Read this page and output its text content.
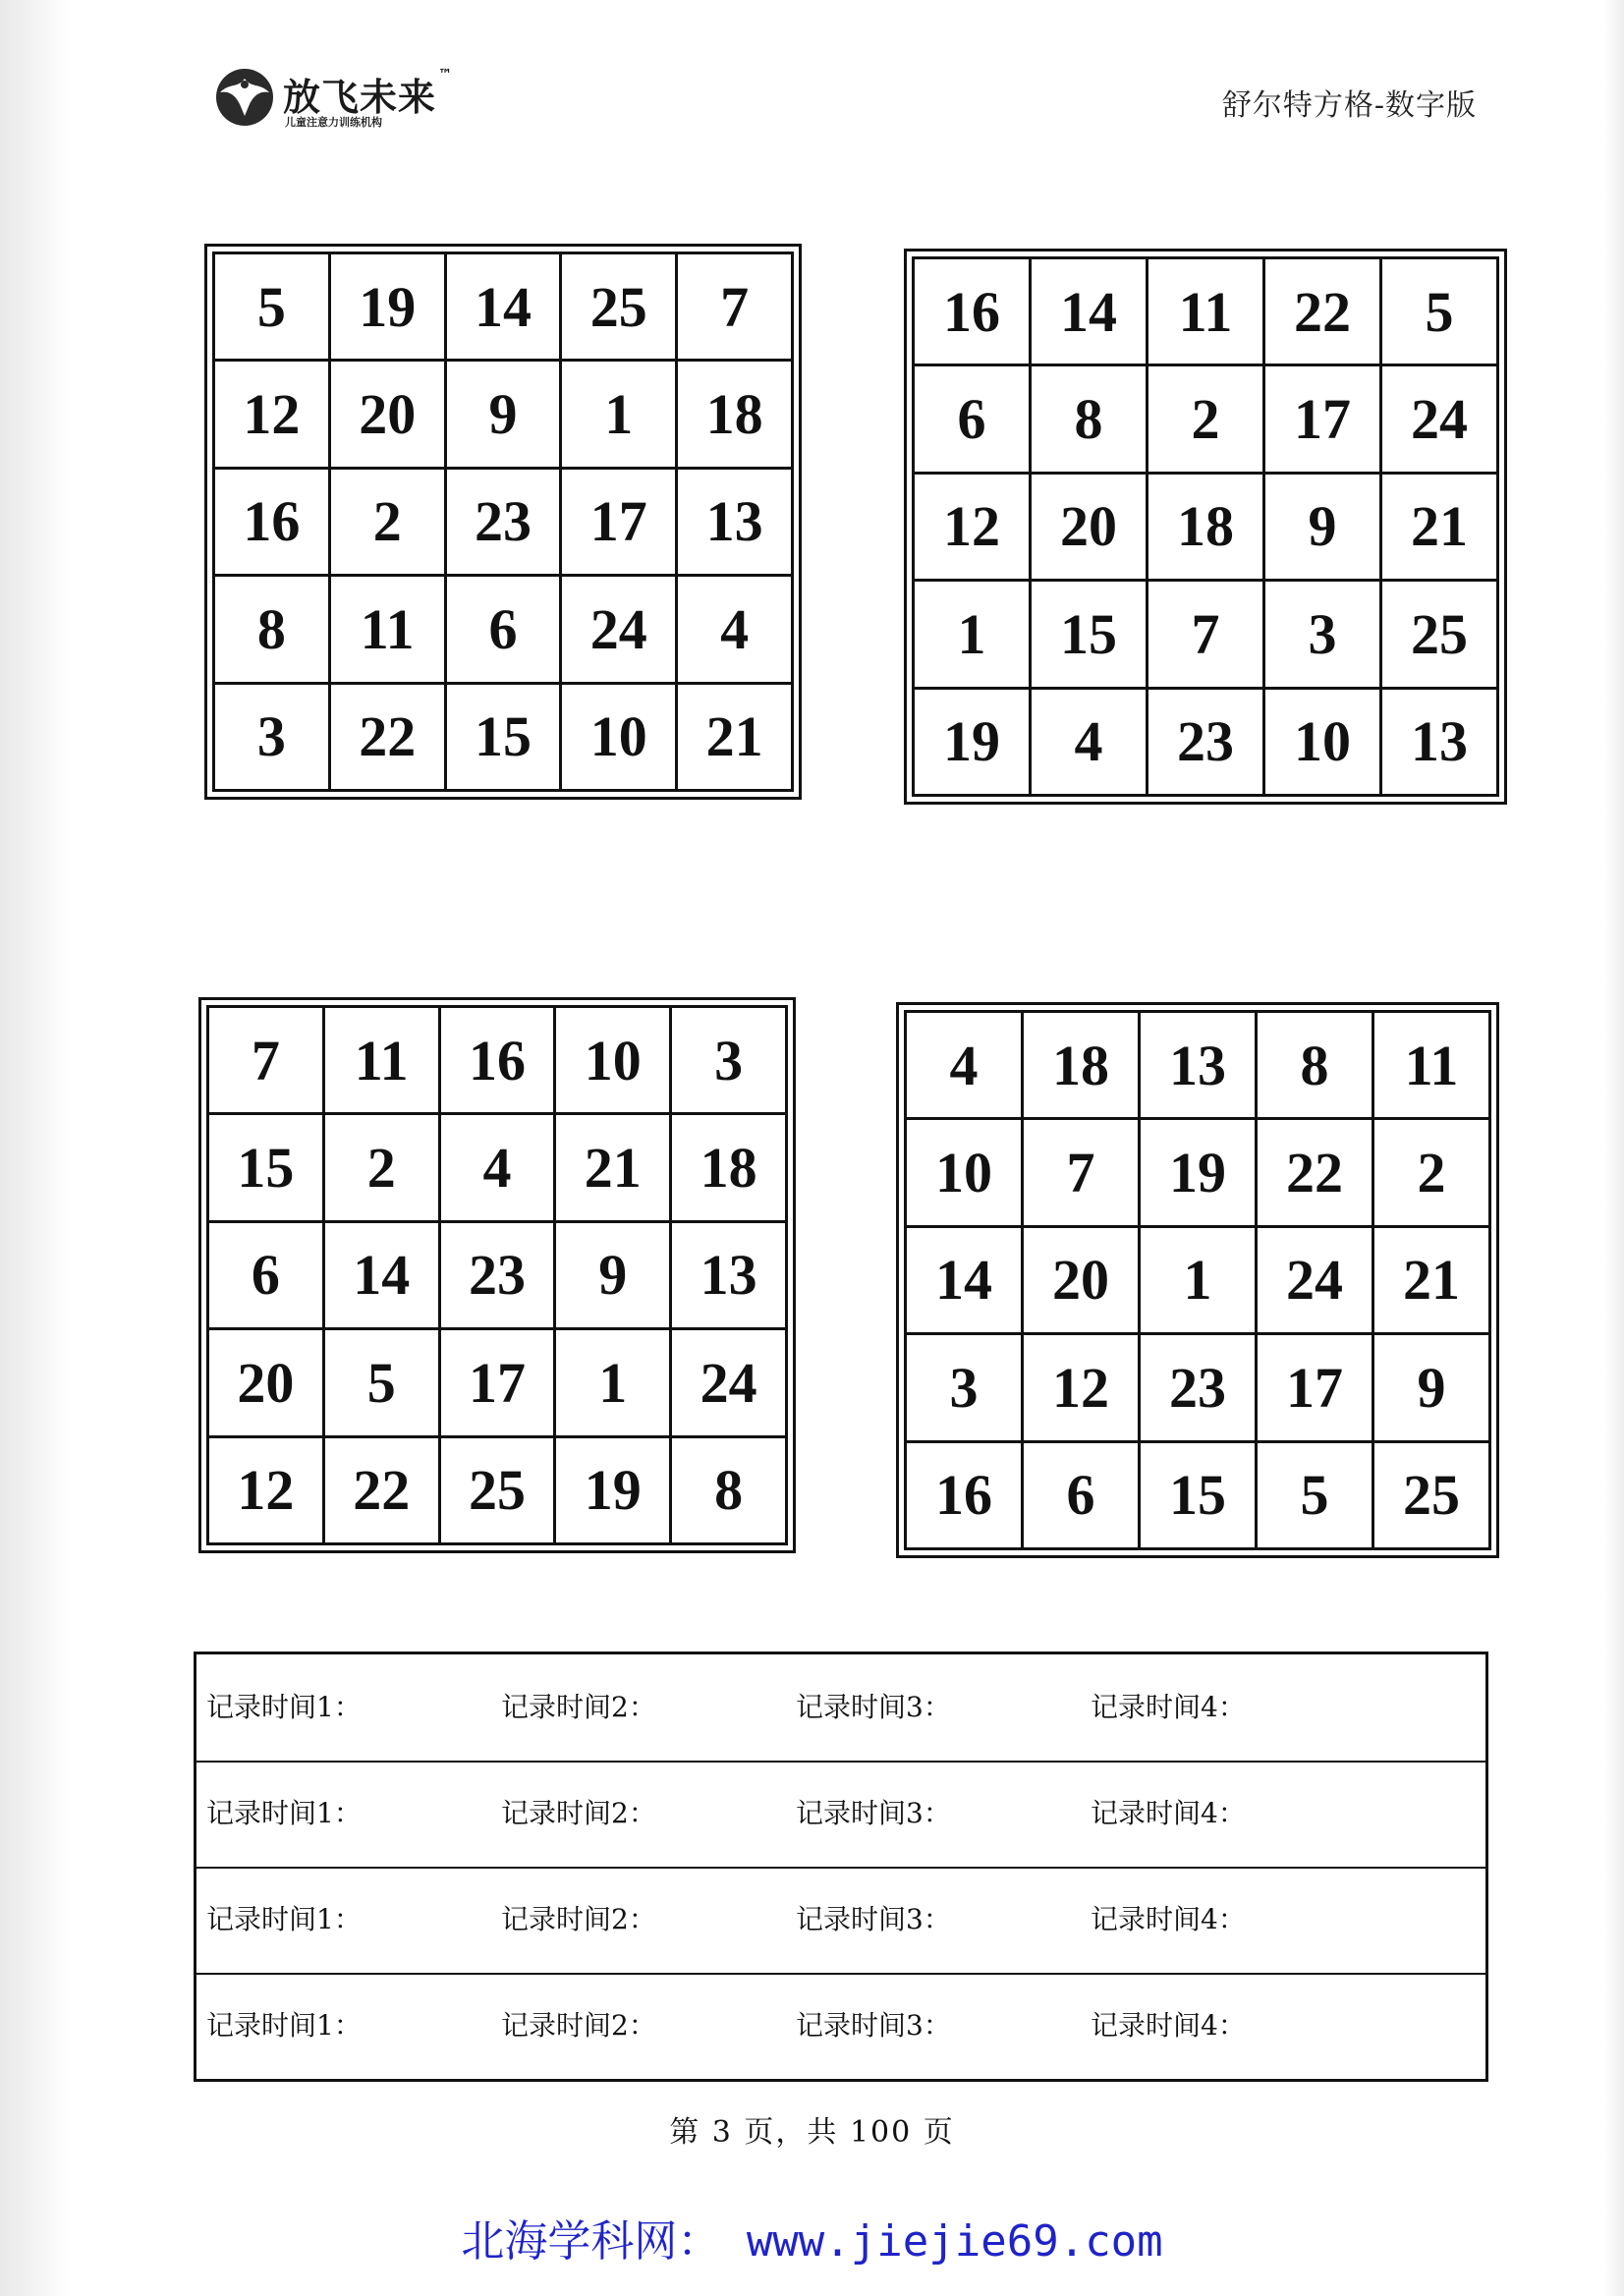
放飞未来™
儿童注意力训练机构	舒尔特方格-数字版
5	19	14	25	7
12	20	9	1	18
16	2	23	17	13
8	11	6	24	4
3	22	15	10	21
16	14	11	22	5
6	8	2	17	24
12	20	18	9	21
1	15	7	3	25
19	4	23	10	13
7	11	16	10	3
15	2	4	21	18
6	14	23	9	13
20	5	17	1	24
12	22	25	19	8
4	18	13	8	11
10	7	19	22	2
14	20	1	24	21
3	12	23	17	9
16	6	15	5	25
记录时间1：	记录时间2：	记录时间3：	记录时间4：
记录时间1：	记录时间2：	记录时间3：	记录时间4：
记录时间1：	记录时间2：	记录时间3：	记录时间4：
记录时间1：	记录时间2：	记录时间3：	记录时间4：
第 3 页，共 100 页
北海学科网： www.jiejie69.com
